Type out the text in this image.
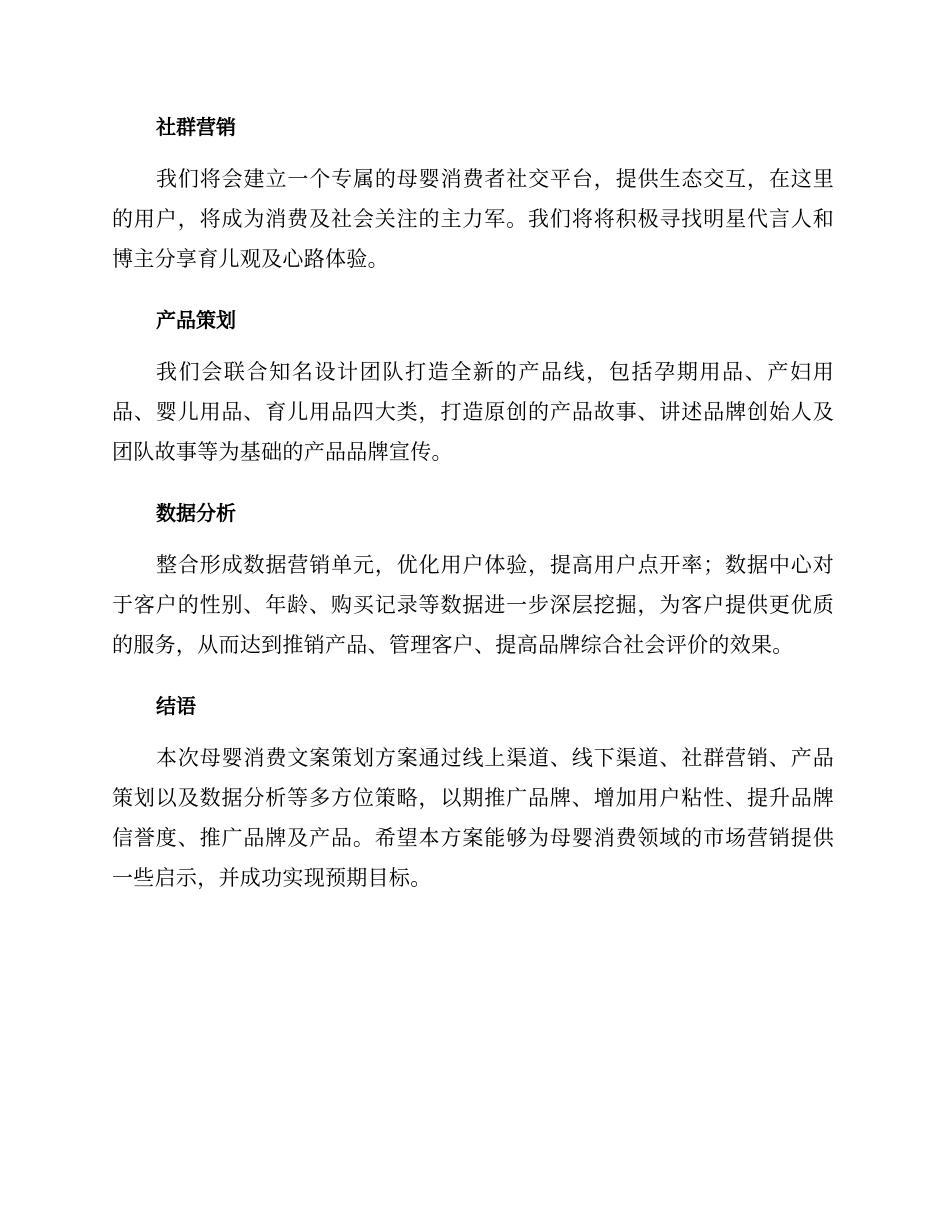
社群营销

我们将会建立一个专属的母婴消费者社交平台，提供生态交互，在这里的用户，将成为消费及社会关注的主力军。我们将将积极寻找明星代言人和博主分享育儿观及心路体验。

产品策划

我们会联合知名设计团队打造全新的产品线，包括孕期用品、产妇用品、婴儿用品、育儿用品四大类，打造原创的产品故事、讲述品牌创始人及团队故事等为基础的产品品牌宣传。

数据分析

整合形成数据营销单元，优化用户体验，提高用户点开率；数据中心对于客户的性别、年龄、购买记录等数据进一步深层挖掘，为客户提供更优质的服务，从而达到推销产品、管理客户、提高品牌综合社会评价的效果。

结语

本次母婴消费文案策划方案通过线上渠道、线下渠道、社群营销、产品策划以及数据分析等多方位策略，以期推广品牌、增加用户粘性、提升品牌信誉度、推广品牌及产品。希望本方案能够为母婴消费领域的市场营销提供一些启示，并成功实现预期目标。
